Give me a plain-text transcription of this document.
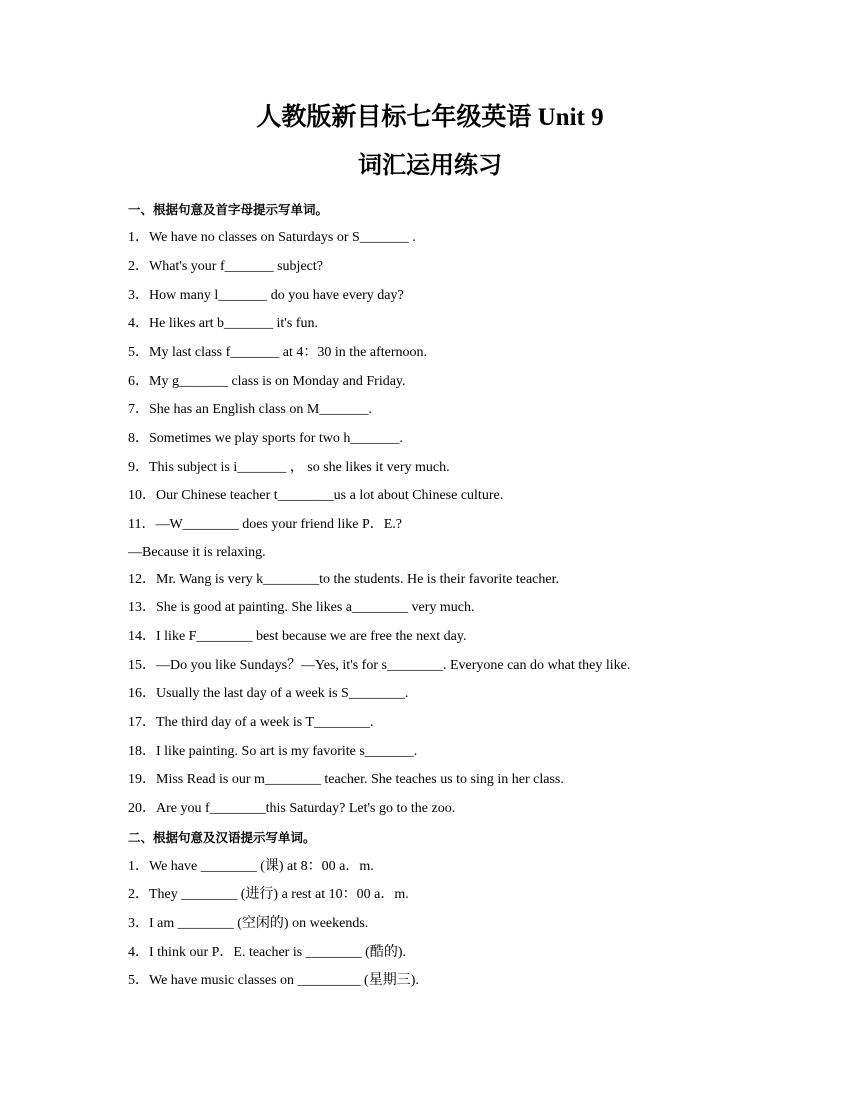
人教版新目标七年级英语 Unit 9
词汇运用练习
一、根据句意及首字母提示写单词。
1．We have no classes on Saturdays or S_______ .
2．What's your f_______ subject?
3．How many l_______ do you have every day?
4．He likes art b_______ it's fun.
5．My last class f_______ at 4：30 in the afternoon.
6．My g_______ class is on Monday and Friday.
7．She has an English class on M_______.
8．Sometimes we play sports for two h_______.
9．This subject is i_______ ， so she likes it very much.
10．Our Chinese teacher t________us a lot about Chinese culture.
11．—W________ does your friend like P．E.?
—Because it is relaxing.
12．Mr. Wang is very k________to the students. He is their favorite teacher.
13．She is good at painting. She likes a________ very much.
14．I like F________ best because we are free the next day.
15．—Do you like Sundays？—Yes, it's for s________. Everyone can do what they like.
16．Usually the last day of a week is S________.
17．The third day of a week is T________.
18．I like painting. So art is my favorite s_______.
19．Miss Read is our m________ teacher. She teaches us to sing in her class.
20．Are you f________this Saturday? Let's go to the zoo.
二、根据句意及汉语提示写单词。
1．We have ________ (课) at 8：00 a．m.
2．They ________ (进行) a rest at 10：00 a．m.
3．I am ________ (空闲的) on weekends.
4．I think our P．E. teacher is ________ (酷的).
5．We have music classes on _________ (星期三).
